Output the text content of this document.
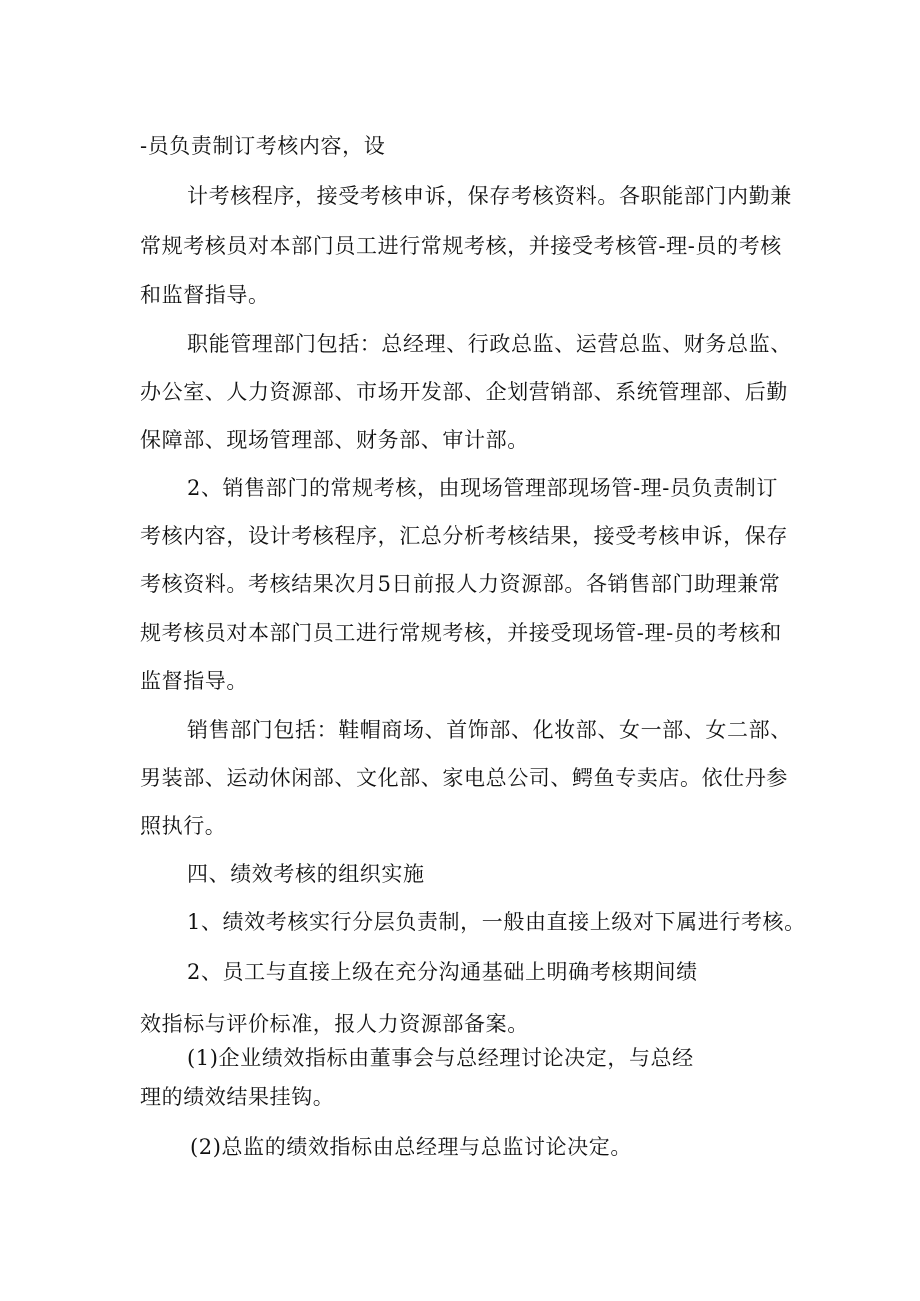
-员负责制订考核内容，设

计考核程序，接受考核申诉，保存考核资料。各职能部门内勤兼

常规考核员对本部门员工进行常规考核，并接受考核管-理-员的考核

和监督指导。

职能管理部门包括：总经理、行政总监、运营总监、财务总监、

办公室、人力资源部、市场开发部、企划营销部、系统管理部、后勤

保障部、现场管理部、财务部、审计部。

2、销售部门的常规考核，由现场管理部现场管-理-员负责制订

考核内容，设计考核程序，汇总分析考核结果，接受考核申诉，保存

考核资料。考核结果次月5日前报人力资源部。各销售部门助理兼常

规考核员对本部门员工进行常规考核，并接受现场管-理-员的考核和

监督指导。

销售部门包括：鞋帽商场、首饰部、化妆部、女一部、女二部、

男装部、运动休闲部、文化部、家电总公司、鳄鱼专卖店。依仕丹参

照执行。

四、绩效考核的组织实施

1、绩效考核实行分层负责制，一般由直接上级对下属进行考核。

2、员工与直接上级在充分沟通基础上明确考核期间绩

效指标与评价标准，报人力资源部备案。

(1)企业绩效指标由董事会与总经理讨论决定，与总经

理的绩效结果挂钩。

(2)总监的绩效指标由总经理与总监讨论决定。
